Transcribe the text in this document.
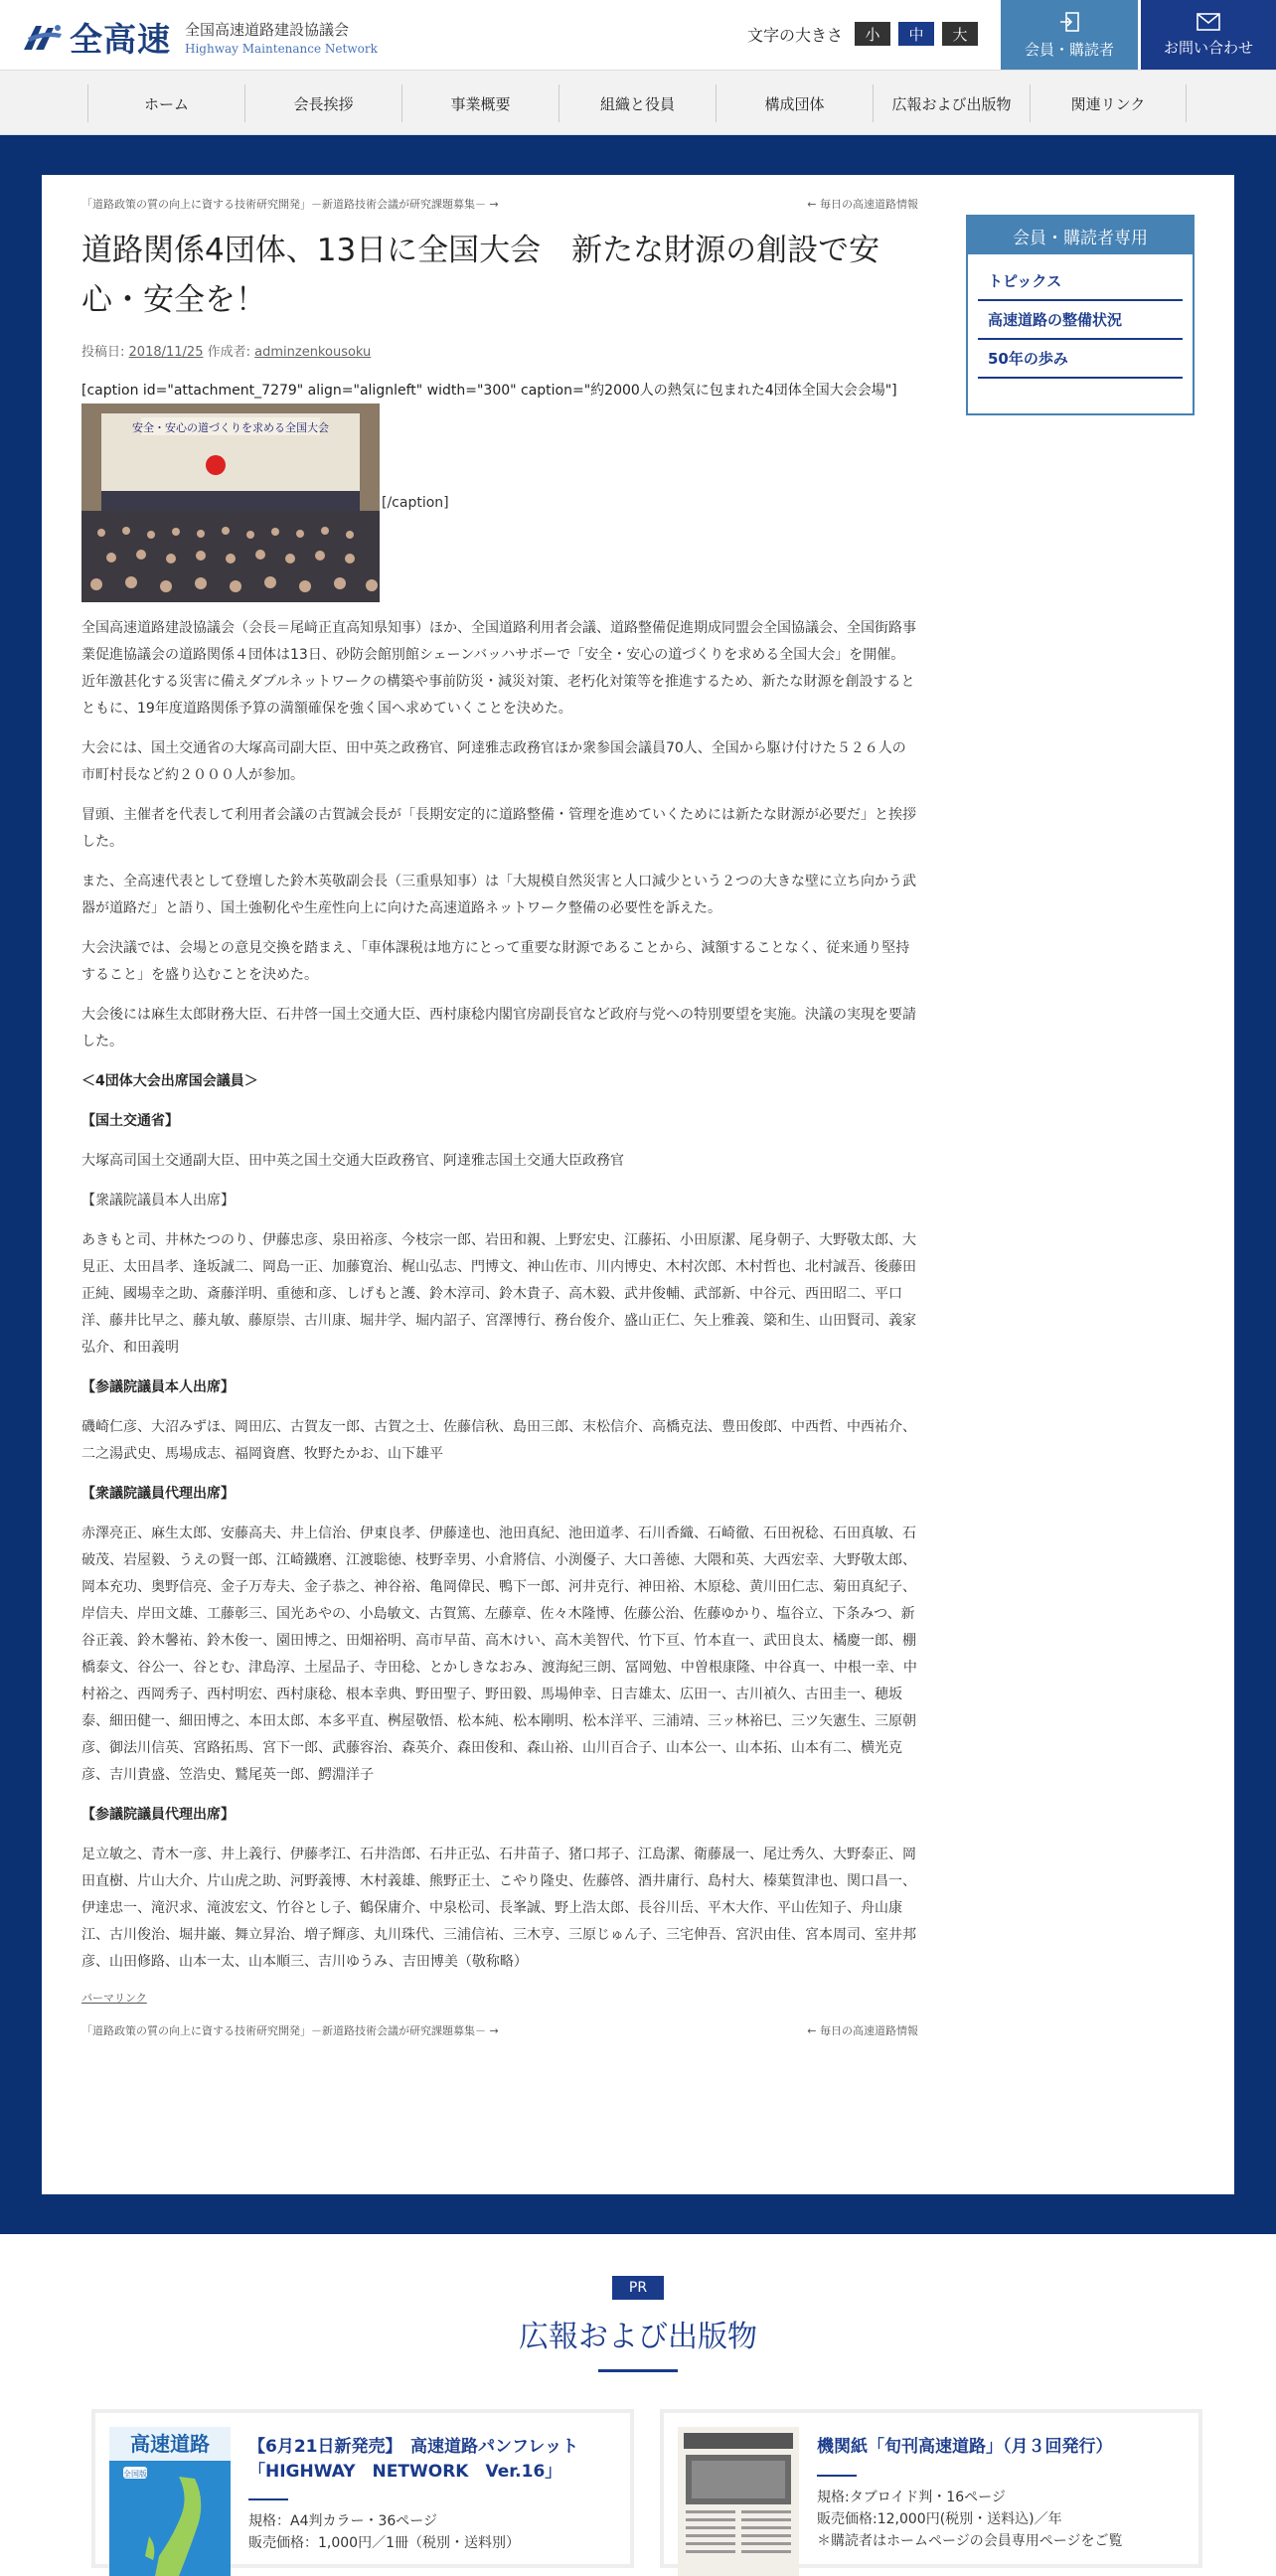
全高速 全国高速道路建設協議会
Highway Maintenance Network
文字の大きさ	小	中	大
会員・購読者	お問い合わせ
ホーム	会長挨拶	事業概要	組織と役員	構成団体	広報および出版物	関連リンク
「道路政策の質の向上に資する技術研究開発」－新道路技術会議が研究課題募集－ →	← 毎日の高速道路情報
道路関係4団体、13日に全国大会　新たな財源の創設で安心・安全を！
投稿日: 2018/11/25 作成者: adminzenkousoku
[caption id="attachment_7279" align="alignleft" width="300" caption="約2000人の熱気に包まれた4団体全国大会会場"]
安全・安心の道づくりを求める全国大会
[/caption]

全国高速道路建設協議会（会長＝尾﨑正直高知県知事）ほか、全国道路利用者会議、道路整備促進期成同盟会全国協議会、全国街路事業促進協議会の道路関係４団体は13日、砂防会館別館シェーンバッハサボーで「安全・安心の道づくりを求める全国大会」を開催。近年激甚化する災害に備えダブルネットワークの構築や事前防災・減災対策、老朽化対策等を推進するため、新たな財源を創設するとともに、19年度道路関係予算の満額確保を強く国へ求めていくことを決めた。

大会には、国土交通省の大塚高司副大臣、田中英之政務官、阿達雅志政務官ほか衆参国会議員70人、全国から駆け付けた５２６人の市町村長など約２０００人が参加。

冒頭、主催者を代表して利用者会議の古賀誠会長が「長期安定的に道路整備・管理を進めていくためには新たな財源が必要だ」と挨拶した。

また、全高速代表として登壇した鈴木英敬副会長（三重県知事）は「大規模自然災害と人口減少という２つの大きな壁に立ち向かう武器が道路だ」と語り、国土強靭化や生産性向上に向けた高速道路ネットワーク整備の必要性を訴えた。

大会決議では、会場との意見交換を踏まえ、「車体課税は地方にとって重要な財源であることから、減額することなく、従来通り堅持すること」を盛り込むことを決めた。

大会後には麻生太郎財務大臣、石井啓一国土交通大臣、西村康稔内閣官房副長官など政府与党への特別要望を実施。決議の実現を要請した。

＜4団体大会出席国会議員＞

【国土交通省】

大塚高司国土交通副大臣、田中英之国土交通大臣政務官、阿達雅志国土交通大臣政務官

【衆議院議員本人出席】

あきもと司、井林たつのり、伊藤忠彦、泉田裕彦、今枝宗一郎、岩田和親、上野宏史、江藤拓、小田原潔、尾身朝子、大野敬太郎、大見正、太田昌孝、逢坂誠二、岡島一正、加藤寛治、梶山弘志、門博文、神山佐市、川内博史、木村次郎、木村哲也、北村誠吾、後藤田正純、國場幸之助、斎藤洋明、重徳和彦、しげもと護、鈴木淳司、鈴木貴子、高木毅、武井俊輔、武部新、中谷元、西田昭二、平口洋、藤井比早之、藤丸敏、藤原崇、古川康、堀井学、堀内詔子、宮澤博行、務台俊介、盛山正仁、矢上雅義、簗和生、山田賢司、義家弘介、和田義明

【参議院議員本人出席】

磯崎仁彦、大沼みずほ、岡田広、古賀友一郎、古賀之士、佐藤信秋、島田三郎、末松信介、高橋克法、豊田俊郎、中西哲、中西祐介、二之湯武史、馬場成志、福岡資麿、牧野たかお、山下雄平

【衆議院議員代理出席】

赤澤亮正、麻生太郎、安藤高夫、井上信治、伊東良孝、伊藤達也、池田真紀、池田道孝、石川香織、石崎徹、石田祝稔、石田真敏、石破茂、岩屋毅、うえの賢一郎、江崎鐵磨、江渡聡徳、枝野幸男、小倉將信、小渕優子、大口善徳、大隈和英、大西宏幸、大野敬太郎、岡本充功、奥野信亮、金子万寿夫、金子恭之、神谷裕、亀岡偉民、鴨下一郎、河井克行、神田裕、木原稔、黄川田仁志、菊田真紀子、岸信夫、岸田文雄、工藤彰三、国光あやの、小島敏文、古賀篤、左藤章、佐々木隆博、佐藤公治、佐藤ゆかり、塩谷立、下条みつ、新谷正義、鈴木馨祐、鈴木俊一、園田博之、田畑裕明、高市早苗、高木けい、高木美智代、竹下亘、竹本直一、武田良太、橘慶一郎、棚橋泰文、谷公一、谷とむ、津島淳、土屋品子、寺田稔、とかしきなおみ、渡海紀三朗、冨岡勉、中曽根康隆、中谷真一、中根一幸、中村裕之、西岡秀子、西村明宏、西村康稔、根本幸典、野田聖子、野田毅、馬場伸幸、日吉雄太、広田一、古川禎久、古田圭一、穂坂泰、細田健一、細田博之、本田太郎、本多平直、桝屋敬悟、松本純、松本剛明、松本洋平、三浦靖、三ッ林裕巳、三ツ矢憲生、三原朝彦、御法川信英、宮路拓馬、宮下一郎、武藤容治、森英介、森田俊和、森山裕、山川百合子、山本公一、山本拓、山本有二、横光克彦、吉川貴盛、笠浩史、鷲尾英一郎、鰐淵洋子

【参議院議員代理出席】

足立敏之、青木一彦、井上義行、伊藤孝江、石井浩郎、石井正弘、石井苗子、猪口邦子、江島潔、衛藤晟一、尾辻秀久、大野泰正、岡田直樹、片山大介、片山虎之助、河野義博、木村義雄、熊野正士、こやり隆史、佐藤啓、酒井庸行、島村大、榛葉賀津也、関口昌一、伊達忠一、滝沢求、滝波宏文、竹谷とし子、鶴保庸介、中泉松司、長峯誠、野上浩太郎、長谷川岳、平木大作、平山佐知子、舟山康江、古川俊治、堀井巌、舞立昇治、増子輝彦、丸川珠代、三浦信祐、三木亨、三原じゅん子、三宅伸吾、宮沢由佳、宮本周司、室井邦彦、山田修路、山本一太、山本順三、吉川ゆうみ、吉田博美（敬称略）

パーマリンク
「道路政策の質の向上に資する技術研究開発」－新道路技術会議が研究課題募集－ →	← 毎日の高速道路情報
会員・購読者専用
トピックス
高速道路の整備状況
50年の歩み
PR
広報および出版物
高速道路
全国版
【6月21日新発売】　高速道路パンフレット「HIGHWAY　NETWORK　Ver.16」
規格：A4判カラー・36ページ
販売価格：1,000円／1冊（税別・送料別）
機関紙「旬刊高速道路」（月３回発行）
規格:タブロイド判・16ページ
販売価格:12,000円(税別・送料込)／年
＊購読者はホームページの会員専用ページをご覧
